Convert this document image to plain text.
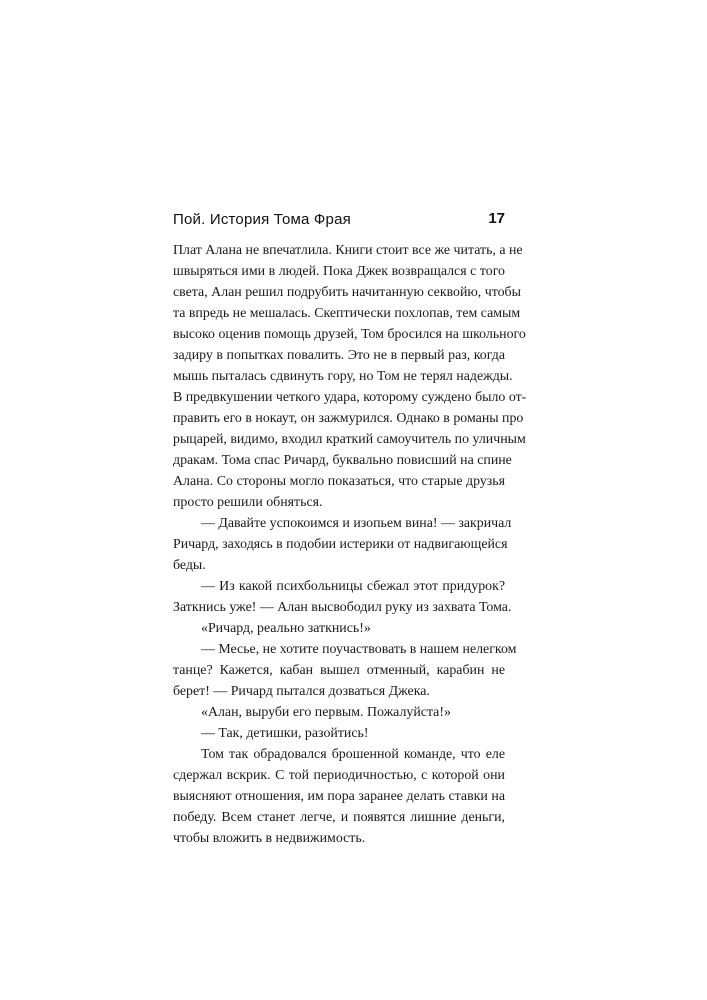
Пой. История Тома Фрая	17
Плат Алана не впечатлила. Книги стоит все же читать, а не
швыряться ими в людей. Пока Джек возвращался с того
света, Алан решил подрубить начитанную секвойю, чтобы
та впредь не мешалась. Скептически похлопав, тем самым
высоко оценив помощь друзей, Том бросился на школьного
задиру в попытках повалить. Это не в первый раз, когда
мышь пыталась сдвинуть гору, но Том не терял надежды.
В предвкушении четкого удара, которому суждено было от-
править его в нокаут, он зажмурился. Однако в романы про
рыцарей, видимо, входил краткий самоучитель по уличным
дракам. Тома спас Ричард, буквально повисший на спине
Алана. Со стороны могло показаться, что старые друзья
просто решили обняться.
— Давайте успокоимся и изопьем вина! — закричал
Ричард, заходясь в подобии истерики от надвигающейся
беды.
— Из какой психбольницы сбежал этот придурок?
Заткнись уже! — Алан высвободил руку из захвата Тома.
«Ричард, реально заткнись!»
— Месье, не хотите поучаствовать в нашем нелегком
танце? Кажется, кабан вышел отменный, карабин не
берет! — Ричард пытался дозваться Джека.
«Алан, выруби его первым. Пожалуйста!»
— Так, детишки, разойтись!
Том так обрадовался брошенной команде, что еле
сдержал вскрик. С той периодичностью, с которой они
выясняют отношения, им пора заранее делать ставки на
победу. Всем станет легче, и появятся лишние деньги,
чтобы вложить в недвижимость.
